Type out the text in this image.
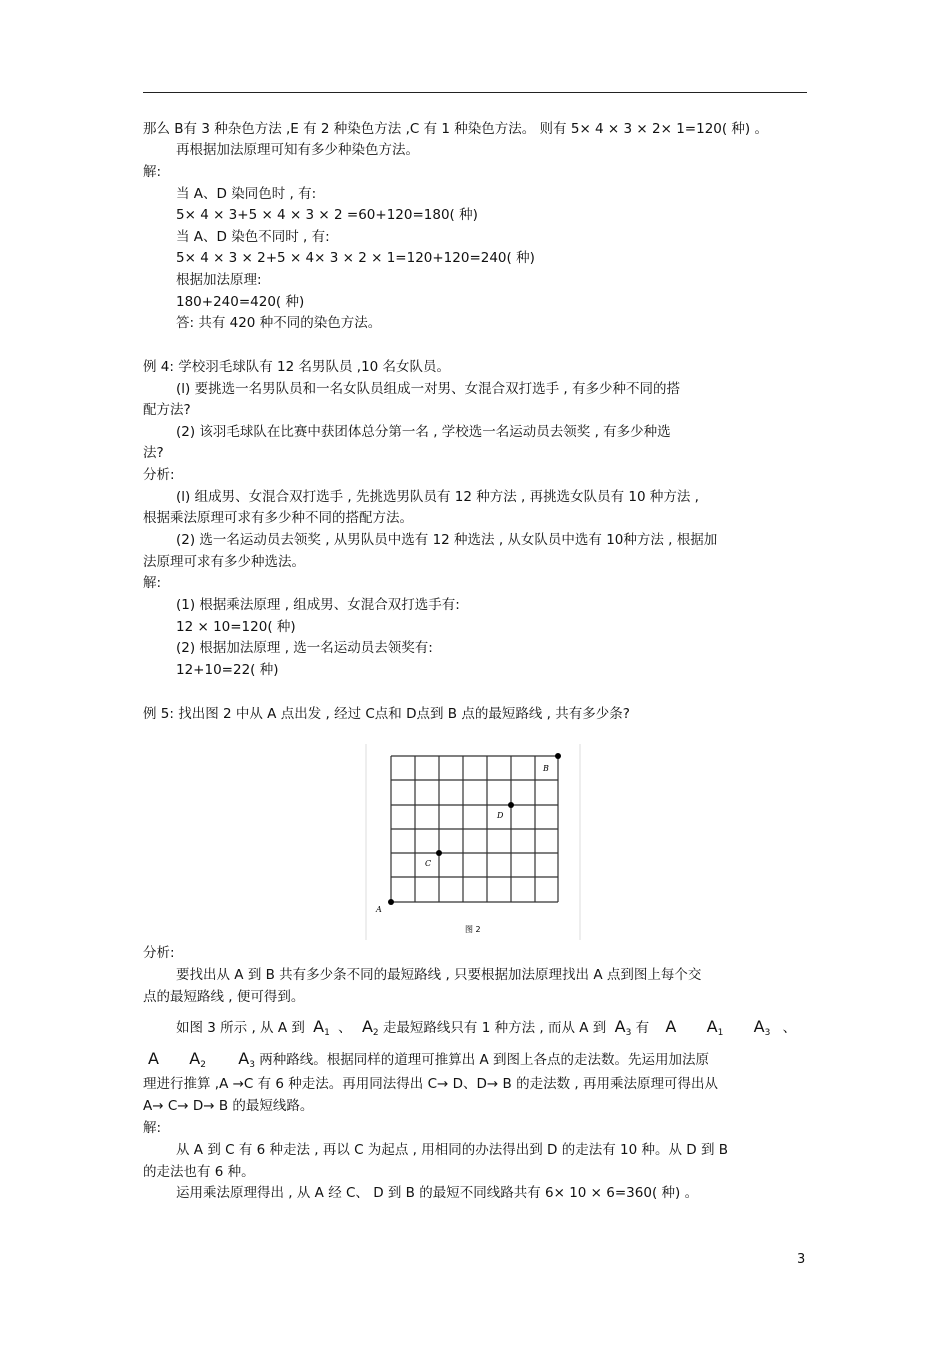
那么 B有 3 种杂色方法 ,E 有 2 种染色方法 ,C 有 1 种染色方法。 则有 5× 4 × 3 × 2× 1=120( 种) 。
再根据加法原理可知有多少种染色方法。
解:
当 A、D 染同色时 , 有:
5× 4 × 3+5 × 4 × 3 × 2 =60+120=180( 种)
当 A、D 染色不同时 , 有:
5× 4 × 3 × 2+5 × 4× 3 × 2 × 1=120+120=240( 种)
根据加法原理:
180+240=420( 种)
答: 共有 420 种不同的染色方法。
例 4: 学校羽毛球队有 12 名男队员 ,10 名女队员。
(l) 要挑选一名男队员和一名女队员组成一对男、女混合双打选手 , 有多少种不同的搭
配方法?
(2) 该羽毛球队在比赛中获团体总分第一名 , 学校选一名运动员去领奖 , 有多少种选
法?
分析:
(l) 组成男、女混合双打选手 , 先挑选男队员有 12 种方法 , 再挑选女队员有 10 种方法 ,
根据乘法原理可求有多少种不同的搭配方法。
(2) 选一名运动员去领奖 , 从男队员中选有 12 种选法 , 从女队员中选有 10种方法 , 根据加
法原理可求有多少种选法。
解:
(1) 根据乘法原理 , 组成男、女混合双打选手有:
12 × 10=120( 种)
(2) 根据加法原理 , 选一名运动员去领奖有:
12+10=22( 种)
例 5: 找出图 2 中从 A 点出发 , 经过 C点和 D点到 B 点的最短路线 , 共有多少条?
A
C
D
B
图 2
分析:
要找出从 A 到 B 共有多少条不同的最短路线 , 只要根据加法原理找出 A 点到图上每个交
点的最短路线 , 便可得到。
如图 3 所示 , 从 A 到 $A_1$ 、 $A_2$ 走最短路线只有 1 种方法 , 而从 A 到 $A_3$ 有 A $A_1$ $A_3$ 、
A $A_2$ $A_3$ 两种路线。根据同样的道理可推算出 A 到图上各点的走法数。先运用加法原
理进行推算 ,A →C 有 6 种走法。再用同法得出 C→ D、D→ B 的走法数 , 再用乘法原理可得出从
A→ C→ D→ B 的最短线路。
解:
从 A 到 C 有 6 种走法 , 再以 C 为起点 , 用相同的办法得出到 D 的走法有 10 种。从 D 到 B
的走法也有 6 种。
运用乘法原理得出 , 从 A 经 C、 D 到 B 的最短不同线路共有 6× 10 × 6=360( 种) 。
3
